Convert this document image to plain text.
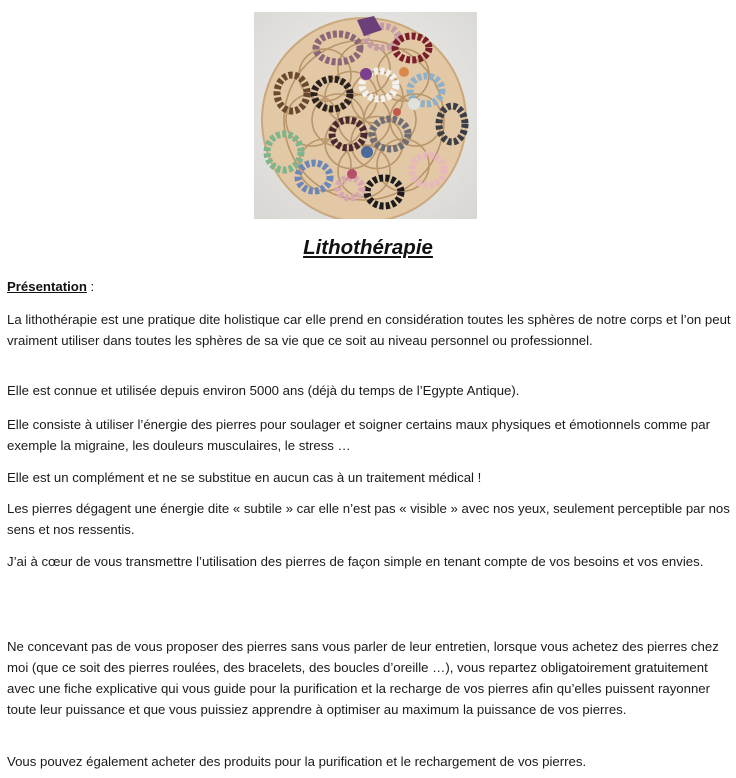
Lithothérapie
Présentation :

La lithothérapie est une pratique dite holistique car elle prend en considération toutes les sphères de notre corps et l’on peut vraiment utiliser dans toutes les sphères de sa vie que ce soit au niveau personnel ou professionnel.

Elle est connue et utilisée depuis environ 5000 ans (déjà du temps de l’Egypte Antique).

Elle consiste à utiliser l’énergie des pierres pour soulager et soigner certains maux physiques et émotionnels comme par exemple la migraine, les douleurs musculaires, le stress …

Elle est un complément et ne se substitue en aucun cas à un traitement médical !

Les pierres dégagent une énergie dite « subtile » car elle n’est pas « visible » avec nos yeux, seulement perceptible par nos sens et nos ressentis.

J’ai à cœur de vous transmettre l’utilisation des pierres de façon simple en tenant compte de vos besoins et vos envies.

Ne concevant pas de vous proposer des pierres sans vous parler de leur entretien, lorsque vous achetez des pierres chez moi (que ce soit des pierres roulées, des bracelets, des boucles d’oreille …), vous repartez obligatoirement gratuitement avec une fiche explicative qui vous guide pour la purification et la recharge de vos pierres afin qu’elles puissent rayonner toute leur puissance et que vous puissiez apprendre à optimiser au maximum la puissance de vos pierres.

Vous pouvez également acheter des produits pour la purification et le rechargement de vos pierres.
